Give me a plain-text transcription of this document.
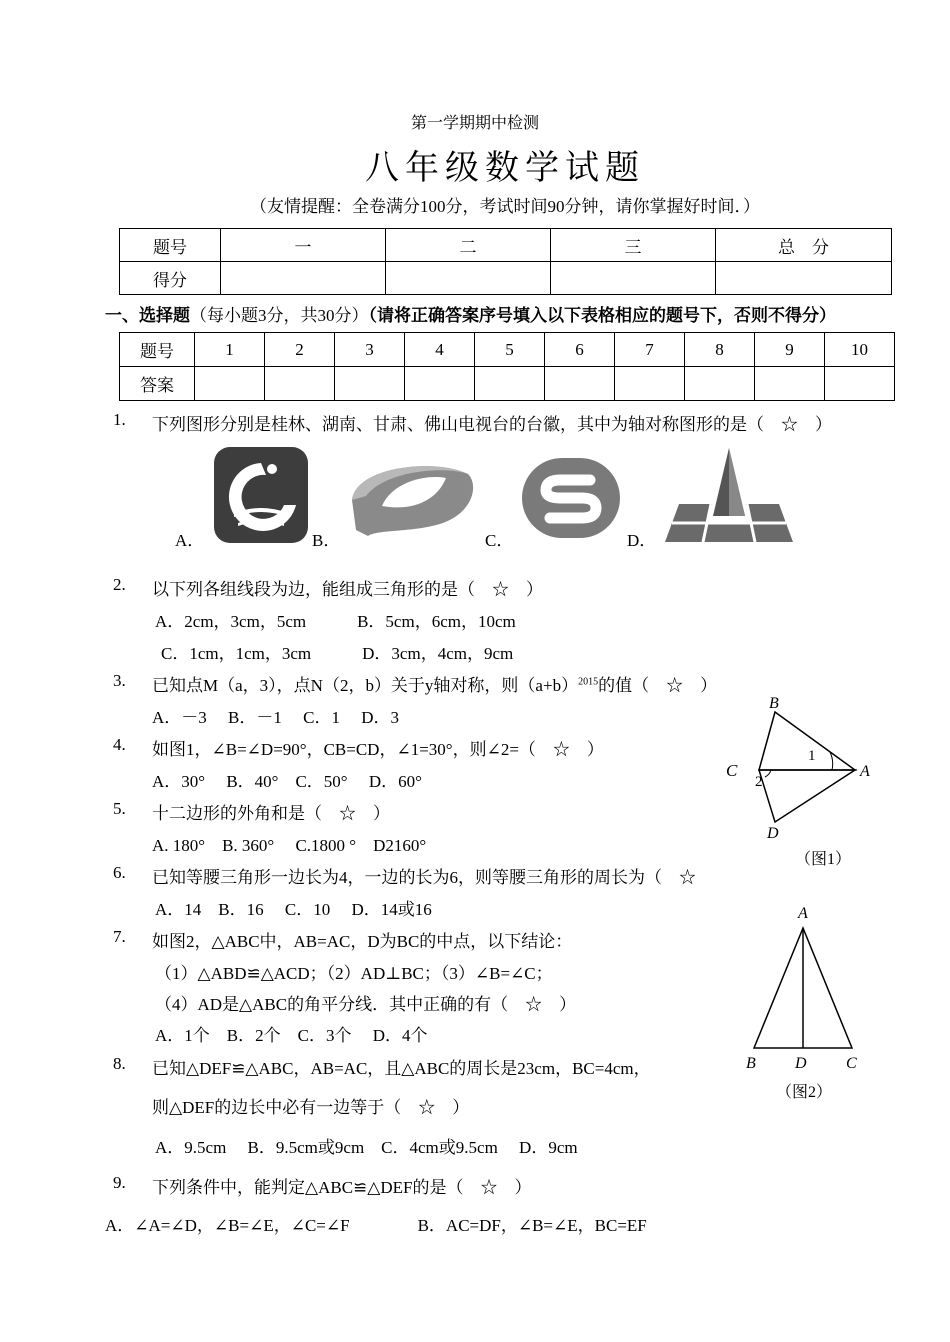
第一学期期中检测
八年级数学试题
（友情提醒：全卷满分100分，考试时间90分钟，请你掌握好时间．）
题号	一	二	三	总　分
得分				
一、选择题（每小题3分，共30分）（请将正确答案序号填入以下表格相应的题号下，否则不得分）
题号	1	2	3	4	5	6	7	8	9	10
答案										
1. 下列图形分别是桂林、湖南、甘肃、佛山电视台的台徽，其中为轴对称图形的是（　☆　）
A．	B．	C．	D．
2. 以下列各组线段为边，能组成三角形的是（　☆　）
A．2cm，3cm，5cm　　　B．5cm，6cm，10cm
C．1cm，1cm，3cm　　　D．3cm，4cm，9cm
3. 已知点M（a，3），点N（2，b）关于y轴对称，则$(a+b)^{2015}$的值（　☆　）
A．－3　 B．－1　 C．1　 D．3
4. 如图1，∠B=∠D=90°，CB=CD，∠1=30°，则∠2=（　☆　）
A．30°　 B．40°　C．50°　 D．60°
5. 十二边形的外角和是（　☆　）
A. 180°　B. 360°　 C.1800 °　D2160°
6. 已知等腰三角形一边长为4，一边的长为6，则等腰三角形的周长为（　☆
A．14　B．16　 C．10　 D．14或16
7. 如图2，△ABC中，AB=AC，D为BC的中点，以下结论：
（1）△ABD≌△ACD；（2）AD⊥BC；（3）∠B=∠C；
（4）AD是△ABC的角平分线．其中正确的有（　☆　）
A．1个　B．2个　C．3个　 D．4个
8. 已知△DEF≌△ABC，AB=AC，且△ABC的周长是23cm，BC=4cm，
则△DEF的边长中必有一边等于（　☆　）
A．9.5cm　 B．9.5cm或9cm　C．4cm或9.5cm　 D．9cm
9. 下列条件中，能判定△ABC≌△DEF的是（　☆　）
A．∠A=∠D，∠B=∠E，∠C=∠F　　　　B．AC=DF，∠B=∠E，BC=EF
B
C	A
D
1
2
（图1）
A
B D C
（图2）
